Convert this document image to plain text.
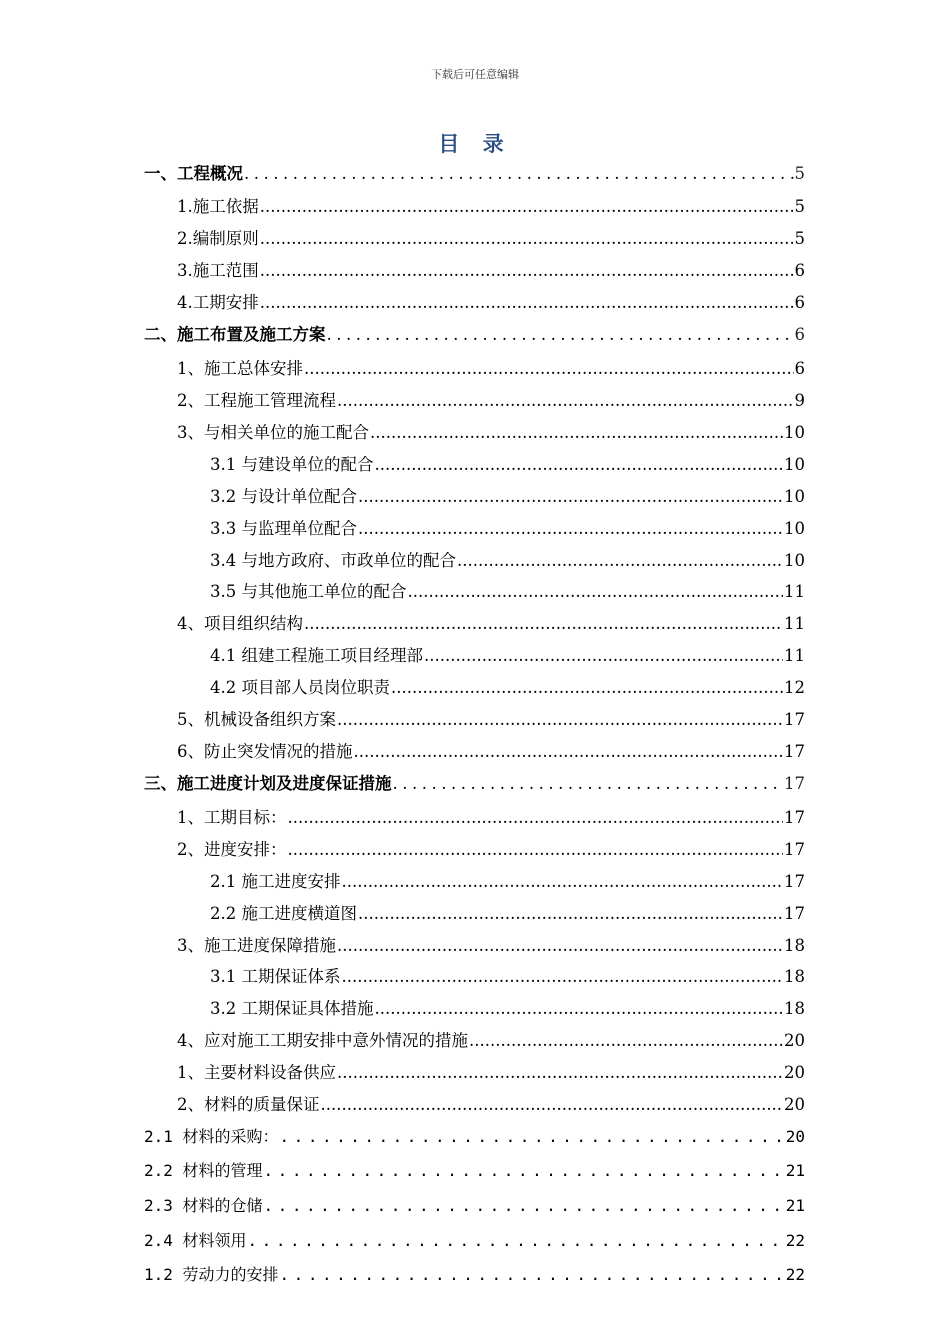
下载后可任意编辑
目 录
一、工程概况 .....	5
1.施工依据 .....	5
2.编制原则 .....	5
3.施工范围 .....	6
4.工期安排 .....	6
二、施工布置及施工方案 .....	6
1、施工总体安排 .....	6
2、工程施工管理流程 .....	9
3、与相关单位的施工配合 .....	10
3.1 与建设单位的配合 .....	10
3.2 与设计单位配合 .....	10
3.3 与监理单位配合 .....	10
3.4 与地方政府、市政单位的配合 .....	10
3.5 与其他施工单位的配合 .....	11
4、项目组织结构 .....	11
4.1 组建工程施工项目经理部 .....	11
4.2 项目部人员岗位职责 .....	12
5、机械设备组织方案 .....	17
6、防止突发情况的措施 .....	17
三、施工进度计划及进度保证措施 .....	17
1、工期目标： .....	17
2、进度安排： .....	17
2.1 施工进度安排 .....	17
2.2 施工进度横道图 .....	17
3、施工进度保障措施 .....	18
3.1 工期保证体系 .....	18
3.2 工期保证具体措施 .....	18
4、应对施工工期安排中意外情况的措施 .....	20
1、主要材料设备供应 .....	20
2、材料的质量保证 .....	20
2.1 材料的采购： .....	20
2.2 材料的管理 .....	21
2.3 材料的仓储 .....	21
2.4 材料领用 .....	22
1.2 劳动力的安排 .....	22
